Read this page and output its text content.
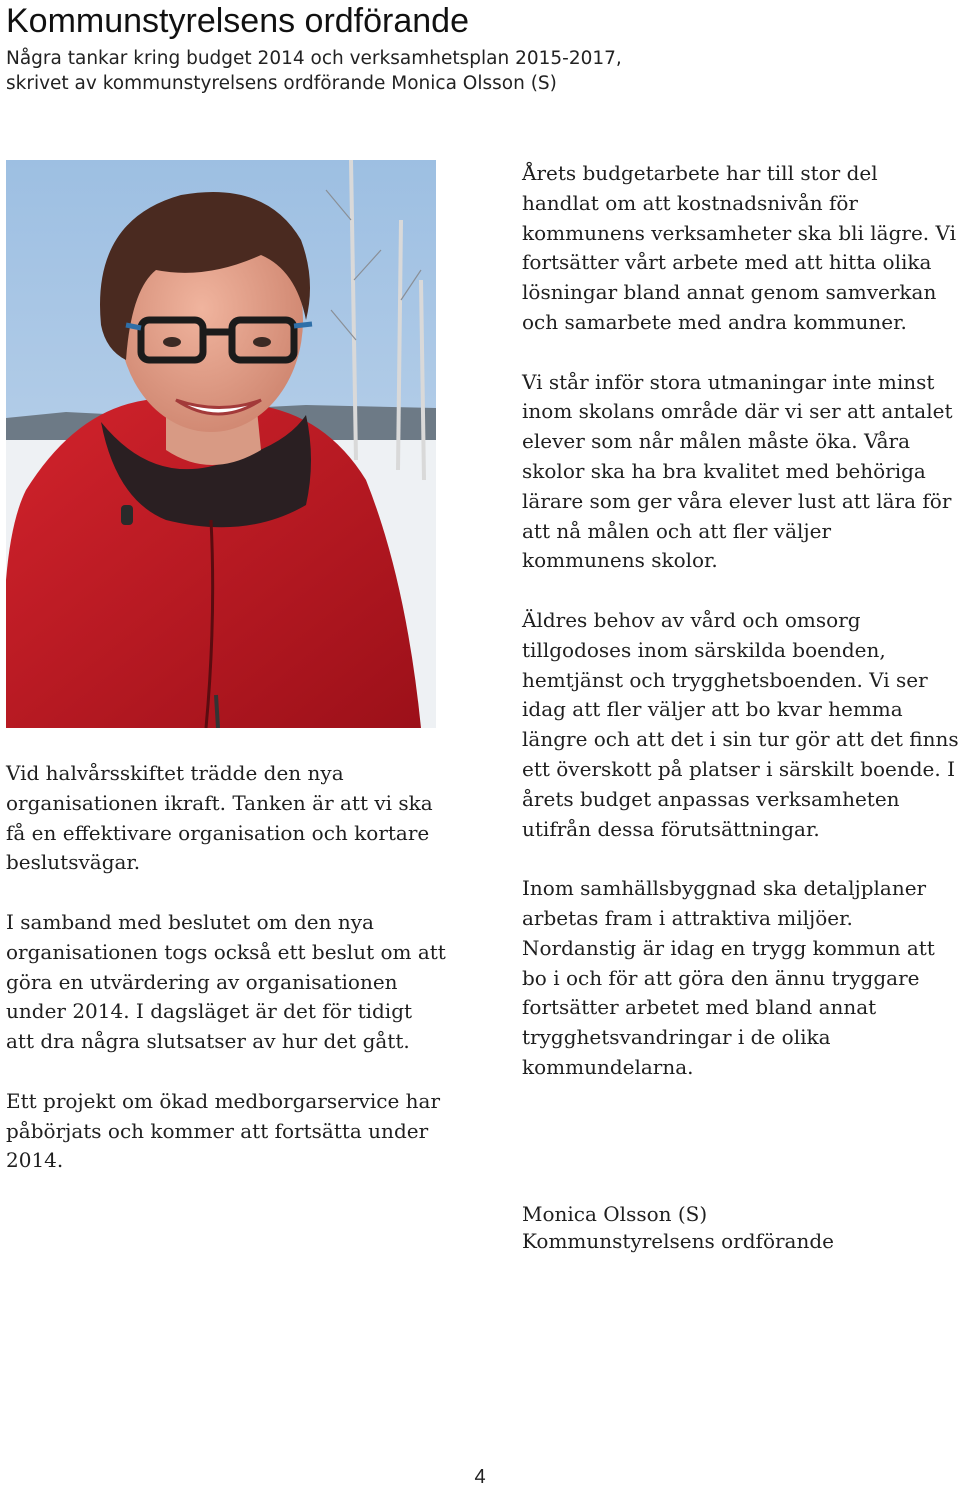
Kommunstyrelsens ordförande
Några tankar kring budget 2014 och verksamhetsplan 2015-2017,
skrivet av kommunstyrelsens ordförande Monica Olsson (S)

Vid halvårsskiftet trädde den nya organisationen ikraft. Tanken är att vi ska få en effektivare organisation och kortare beslutsvägar.

I samband med beslutet om den nya organisationen togs också ett beslut om att göra en utvärdering av organisationen under 2014. I dagsläget är det för tidigt att dra några slutsatser av hur det gått.

Ett projekt om ökad medborgarservice har påbörjats och kommer att fortsätta under 2014.

Årets budgetarbete har till stor del handlat om att kostnadsnivån för kommunens verksamheter ska bli lägre. Vi fortsätter vårt arbete med att hitta olika lösningar bland annat genom samverkan och samarbete med andra kommuner.

Vi står inför stora utmaningar inte minst inom skolans område där vi ser att antalet elever som når målen måste öka. Våra skolor ska ha bra kvalitet med behöriga lärare som ger våra elever lust att lära för att nå målen och att fler väljer kommunens skolor.

Äldres behov av vård och omsorg tillgodoses inom särskilda boenden, hemtjänst och trygghetsboenden. Vi ser idag att fler väljer att bo kvar hemma längre och att det i sin tur gör att det finns ett överskott på platser i särskilt boende. I årets budget anpassas verksamheten utifrån dessa förutsättningar.

Inom samhällsbyggnad ska detaljplaner arbetas fram i attraktiva miljöer. Nordanstig är idag en trygg kommun att bo i och för att göra den ännu tryggare fortsätter arbetet med bland annat trygghetsvandringar i de olika kommundelarna.

Monica Olsson (S)
Kommunstyrelsens ordförande
4
